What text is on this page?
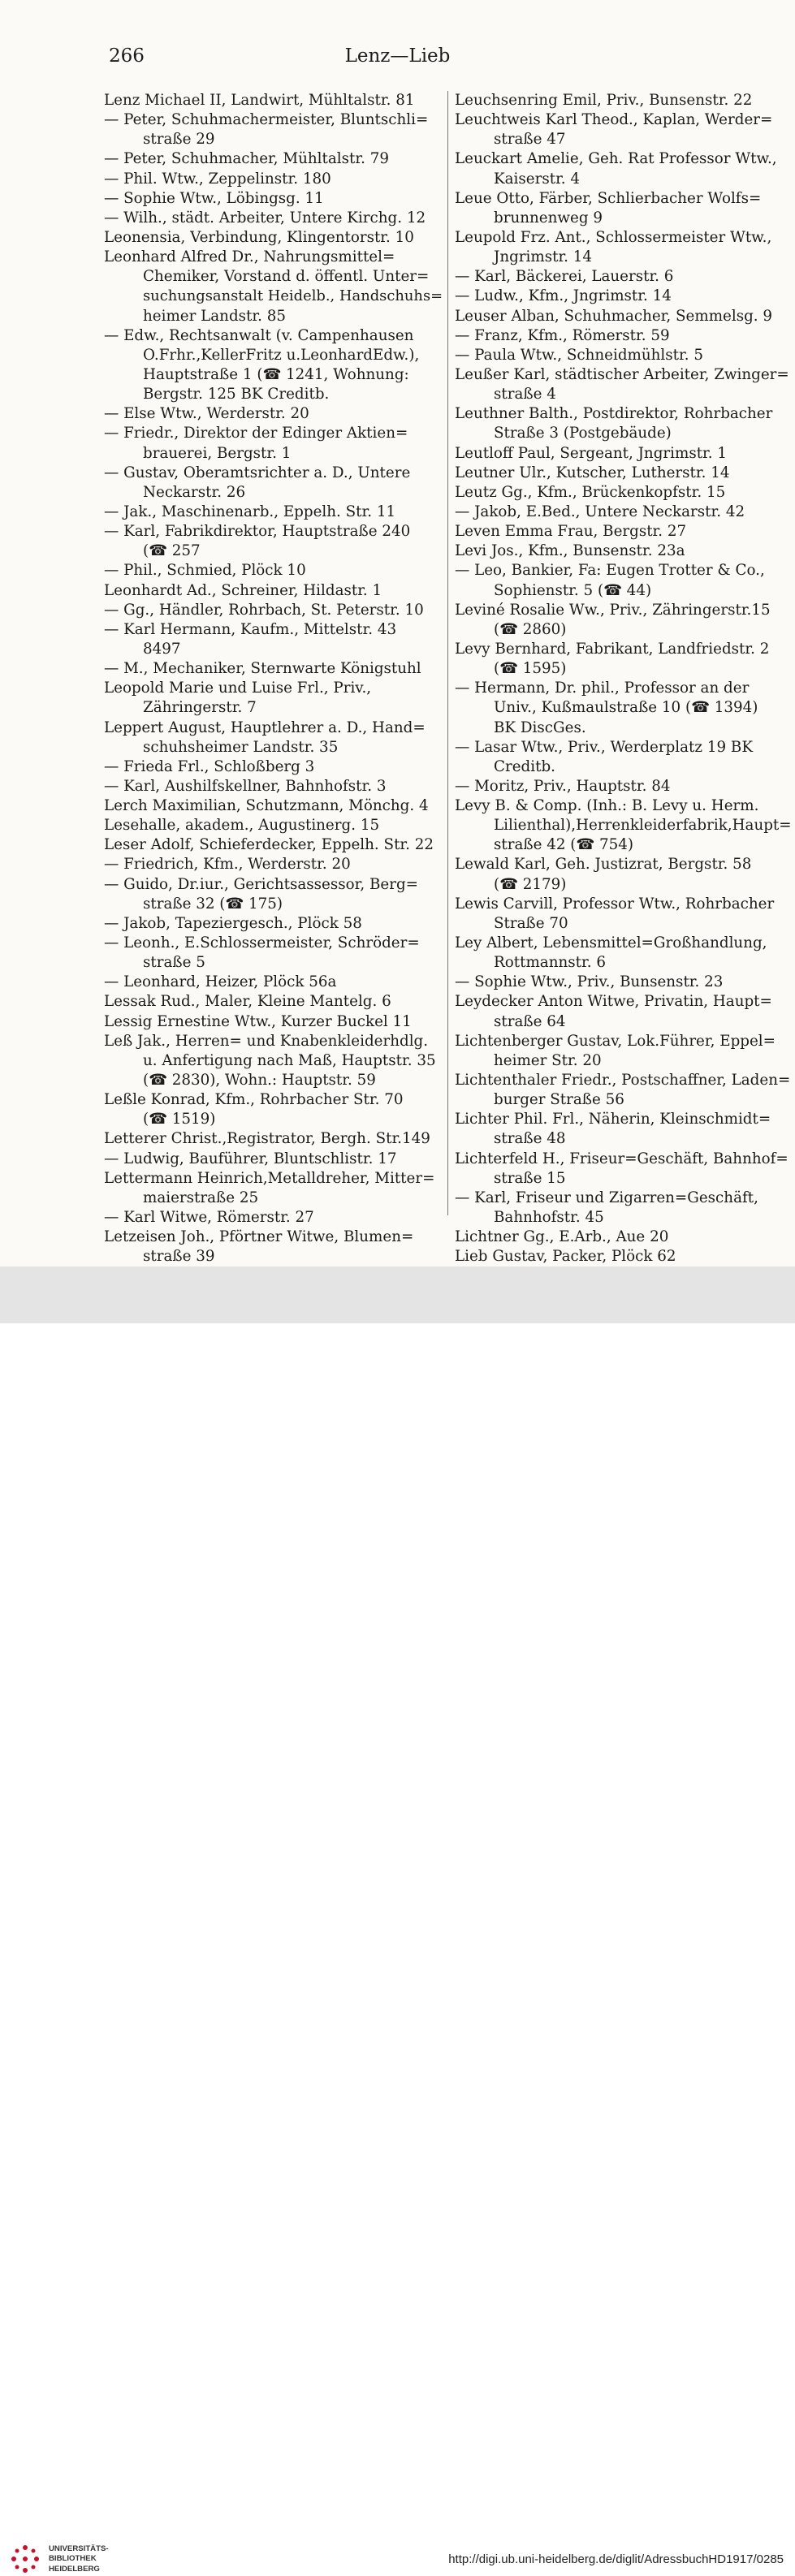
266	Lenz—Lieb
Lenz Michael II, Landwirt, Mühltalstr. 81
— Peter, Schuhmachermeister, Bluntschli=
straße 29
— Peter, Schuhmacher, Mühltalstr. 79
— Phil. Wtw., Zeppelinstr. 180
— Sophie Wtw., Löbingsg. 11
— Wilh., städt. Arbeiter, Untere Kirchg. 12
Leonensia, Verbindung, Klingentorstr. 10
Leonhard Alfred Dr., Nahrungsmittel=
Chemiker, Vorstand d. öffentl. Unter=
suchungsanstalt Heidelb., Handschuhs=
heimer Landstr. 85
— Edw., Rechtsanwalt (v. Campenhausen
O.Frhr.,KellerFritz u.LeonhardEdw.),
Hauptstraße 1 (☎ 1241, Wohnung:
Bergstr. 125 BK Creditb.
— Else Wtw., Werderstr. 20
— Friedr., Direktor der Edinger Aktien=
brauerei, Bergstr. 1
— Gustav, Oberamtsrichter a. D., Untere
Neckarstr. 26
— Jak., Maschinenarb., Eppelh. Str. 11
— Karl, Fabrikdirektor, Hauptstraße 240
(☎ 257
— Phil., Schmied, Plöck 10
Leonhardt Ad., Schreiner, Hildastr. 1
— Gg., Händler, Rohrbach, St. Peterstr. 10
— Karl Hermann, Kaufm., Mittelstr. 43
8497
— M., Mechaniker, Sternwarte Königstuhl
Leopold Marie und Luise Frl., Priv.,
Zähringerstr. 7
Leppert August, Hauptlehrer a. D., Hand=
schuhsheimer Landstr. 35
— Frieda Frl., Schloßberg 3
— Karl, Aushilfskellner, Bahnhofstr. 3
Lerch Maximilian, Schutzmann, Mönchg. 4
Lesehalle, akadem., Augustinerg. 15
Leser Adolf, Schieferdecker, Eppelh. Str. 22
— Friedrich, Kfm., Werderstr. 20
— Guido, Dr.iur., Gerichtsassessor, Berg=
straße 32 (☎ 175)
— Jakob, Tapeziergesch., Plöck 58
— Leonh., E.Schlossermeister, Schröder=
straße 5
— Leonhard, Heizer, Plöck 56a
Lessak Rud., Maler, Kleine Mantelg. 6
Lessig Ernestine Wtw., Kurzer Buckel 11
Leß Jak., Herren= und Knabenkleiderhdlg.
u. Anfertigung nach Maß, Hauptstr. 35
(☎ 2830), Wohn.: Hauptstr. 59
Leßle Konrad, Kfm., Rohrbacher Str. 70
(☎ 1519)
Letterer Christ.,Registrator, Bergh. Str.149
— Ludwig, Bauführer, Bluntschlistr. 17
Lettermann Heinrich,Metalldreher, Mitter=
maierstraße 25
— Karl Witwe, Römerstr. 27
Letzeisen Joh., Pförtner Witwe, Blumen=
straße 39
Leuchsenring Emil, Priv., Bunsenstr. 22
Leuchtweis Karl Theod., Kaplan, Werder=
straße 47
Leuckart Amelie, Geh. Rat Professor Wtw.,
Kaiserstr. 4
Leue Otto, Färber, Schlierbacher Wolfs=
brunnenweg 9
Leupold Frz. Ant., Schlossermeister Wtw.,
Jngrimstr. 14
— Karl, Bäckerei, Lauerstr. 6
— Ludw., Kfm., Jngrimstr. 14
Leuser Alban, Schuhmacher, Semmelsg. 9
— Franz, Kfm., Römerstr. 59
— Paula Wtw., Schneidmühlstr. 5
Leußer Karl, städtischer Arbeiter, Zwinger=
straße 4
Leuthner Balth., Postdirektor, Rohrbacher
Straße 3 (Postgebäude)
Leutloff Paul, Sergeant, Jngrimstr. 1
Leutner Ulr., Kutscher, Lutherstr. 14
Leutz Gg., Kfm., Brückenkopfstr. 15
— Jakob, E.Bed., Untere Neckarstr. 42
Leven Emma Frau, Bergstr. 27
Levi Jos., Kfm., Bunsenstr. 23a
— Leo, Bankier, Fa: Eugen Trotter & Co.,
Sophienstr. 5 (☎ 44)
Leviné Rosalie Ww., Priv., Zähringerstr.15
(☎ 2860)
Levy Bernhard, Fabrikant, Landfriedstr. 2
(☎ 1595)
— Hermann, Dr. phil., Professor an der
Univ., Kußmaulstraße 10 (☎ 1394)
BK DiscGes.
— Lasar Wtw., Priv., Werderplatz 19 BK
Creditb.
— Moritz, Priv., Hauptstr. 84
Levy B. & Comp. (Inh.: B. Levy u. Herm.
Lilienthal),Herrenkleiderfabrik,Haupt=
straße 42 (☎ 754)
Lewald Karl, Geh. Justizrat, Bergstr. 58
(☎ 2179)
Lewis Carvill, Professor Wtw., Rohrbacher
Straße 70
Ley Albert, Lebensmittel=Großhandlung,
Rottmannstr. 6
— Sophie Wtw., Priv., Bunsenstr. 23
Leydecker Anton Witwe, Privatin, Haupt=
straße 64
Lichtenberger Gustav, Lok.Führer, Eppel=
heimer Str. 20
Lichtenthaler Friedr., Postschaffner, Laden=
burger Straße 56
Lichter Phil. Frl., Näherin, Kleinschmidt=
straße 48
Lichterfeld H., Friseur=Geschäft, Bahnhof=
straße 15
— Karl, Friseur und Zigarren=Geschäft,
Bahnhofstr. 45
Lichtner Gg., E.Arb., Aue 20
Lieb Gustav, Packer, Plöck 62
UNIVERSITÄTS-
BIBLIOTHEK
HEIDELBERG
http://digi.ub.uni-heidelberg.de/diglit/AdressbuchHD1917/0285
